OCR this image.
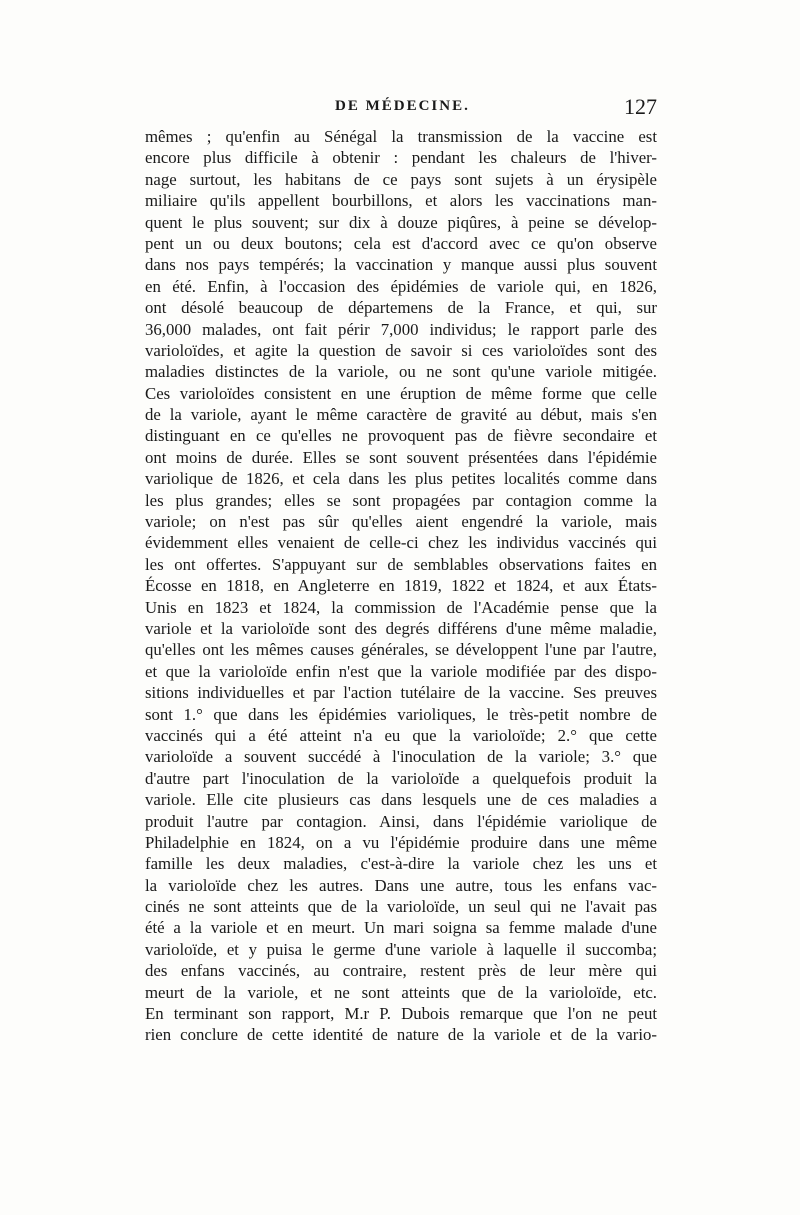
DE MÉDECINE.	127
mêmes ; qu'enfin au Sénégal la transmission de la vaccine est
encore plus difficile à obtenir : pendant les chaleurs de l'hiver-
nage surtout, les habitans de ce pays sont sujets à un érysipèle
miliaire qu'ils appellent bourbillons, et alors les vaccinations man-
quent le plus souvent; sur dix à douze piqûres, à peine se dévelop-
pent un ou deux boutons; cela est d'accord avec ce qu'on observe
dans nos pays tempérés; la vaccination y manque aussi plus souvent
en été. Enfin, à l'occasion des épidémies de variole qui, en 1826,
ont désolé beaucoup de départemens de la France, et qui, sur
36,000 malades, ont fait périr 7,000 individus; le rapport parle des
varioloïdes, et agite la question de savoir si ces varioloïdes sont des
maladies distinctes de la variole, ou ne sont qu'une variole mitigée.
Ces varioloïdes consistent en une éruption de même forme que celle
de la variole, ayant le même caractère de gravité au début, mais s'en
distinguant en ce qu'elles ne provoquent pas de fièvre secondaire et
ont moins de durée. Elles se sont souvent présentées dans l'épidémie
variolique de 1826, et cela dans les plus petites localités comme dans
les plus grandes; elles se sont propagées par contagion comme la
variole; on n'est pas sûr qu'elles aient engendré la variole, mais
évidemment elles venaient de celle-ci chez les individus vaccinés qui
les ont offertes. S'appuyant sur de semblables observations faites en
Écosse en 1818, en Angleterre en 1819, 1822 et 1824, et aux États-
Unis en 1823 et 1824, la commission de l'Académie pense que la
variole et la varioloïde sont des degrés différens d'une même maladie,
qu'elles ont les mêmes causes générales, se développent l'une par l'autre,
et que la varioloïde enfin n'est que la variole modifiée par des dispo-
sitions individuelles et par l'action tutélaire de la vaccine. Ses preuves
sont 1.° que dans les épidémies varioliques, le très-petit nombre de
vaccinés qui a été atteint n'a eu que la varioloïde; 2.° que cette
varioloïde a souvent succédé à l'inoculation de la variole; 3.° que
d'autre part l'inoculation de la varioloïde a quelquefois produit la
variole. Elle cite plusieurs cas dans lesquels une de ces maladies a
produit l'autre par contagion. Ainsi, dans l'épidémie variolique de
Philadelphie en 1824, on a vu l'épidémie produire dans une même
famille les deux maladies, c'est-à-dire la variole chez les uns et
la varioloïde chez les autres. Dans une autre, tous les enfans vac-
cinés ne sont atteints que de la varioloïde, un seul qui ne l'avait pas
été a la variole et en meurt. Un mari soigna sa femme malade d'une
varioloïde, et y puisa le germe d'une variole à laquelle il succomba;
des enfans vaccinés, au contraire, restent près de leur mère qui
meurt de la variole, et ne sont atteints que de la varioloïde, etc.
En terminant son rapport, M.r P. Dubois remarque que l'on ne peut
rien conclure de cette identité de nature de la variole et de la vario-
